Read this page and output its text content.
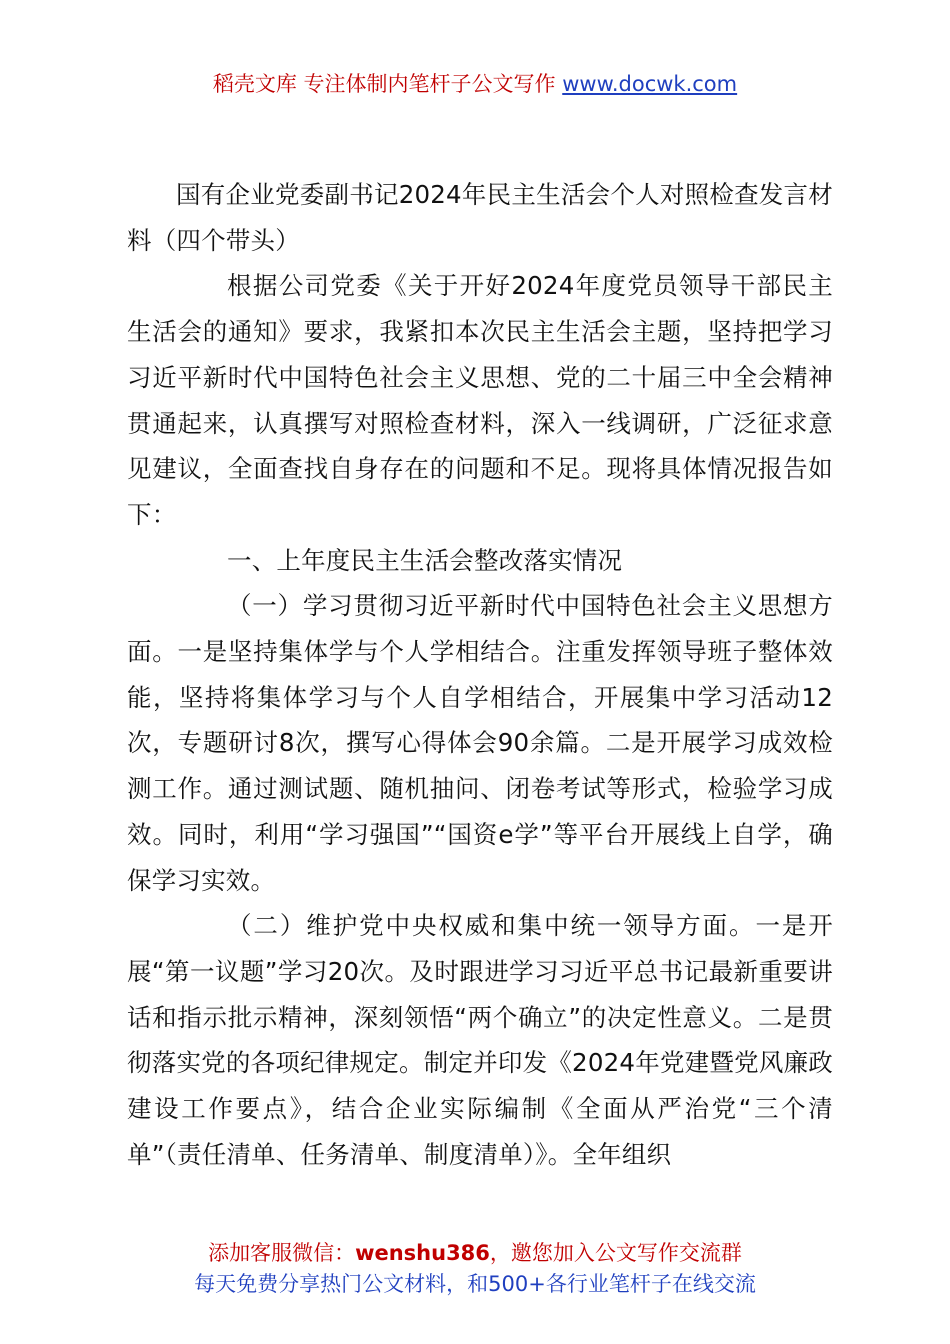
稻壳文库 专注体制内笔杆子公文写作 www.docwk.com

国有企业党委副书记2024年民主生活会个人对照检查发言材料（四个带头）

根据公司党委《关于开好2024年度党员领导干部民主生活会的通知》要求，我紧扣本次民主生活会主题，坚持把学习习近平新时代中国特色社会主义思想、党的二十届三中全会精神贯通起来，认真撰写对照检查材料，深入一线调研，广泛征求意见建议，全面查找自身存在的问题和不足。现将具体情况报告如下：

一、上年度民主生活会整改落实情况

（一）学习贯彻习近平新时代中国特色社会主义思想方面。一是坚持集体学与个人学相结合。注重发挥领导班子整体效能，坚持将集体学习与个人自学相结合，开展集中学习活动12次，专题研讨8次，撰写心得体会90余篇。二是开展学习成效检测工作。通过测试题、随机抽问、闭卷考试等形式，检验学习成效。同时，利用“学习强国”“国资e学”等平台开展线上自学，确保学习实效。

（二）维护党中央权威和集中统一领导方面。一是开展“第一议题”学习20次。及时跟进学习习近平总书记最新重要讲话和指示批示精神，深刻领悟“两个确立”的决定性意义。二是贯彻落实党的各项纪律规定。制定并印发《2024年党建暨党风廉政建设工作要点》，结合企业实际编制《全面从严治党“三个清单”（责任清单、任务清单、制度清单）》。全年组织

添加客服微信：wenshu386，邀您加入公文写作交流群
每天免费分享热门公文材料，和500+各行业笔杆子在线交流
